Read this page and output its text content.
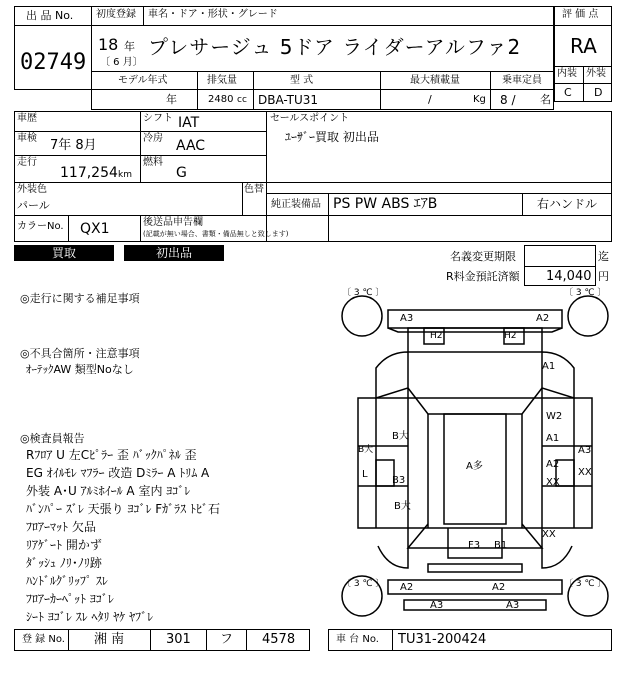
出 品 No.
02749
初度登録 車名・ドア・形状・グレード
18 年
〔 6 月〕
プレサージュ 5ドア ライダーアルファ2
評 価 点
RA
内装 外装
C D
モデル年式	排気量	型 式	最大積載量	乗車定員
年	2480 cc DBA-TU31	/	Kg 8 / 名
車歴	シフト IAT
車検 7年 8月	冷房 AAC
走行
117,254 km
燃料
G
外装色
パール
色替
カラーNo. QX1	後送品申告欄
(記載が無い場合、書類・備品無しと致します)
セールスポイント
ﾕｰｻﾞｰ買取 初出品
純正装備品 PS PW ABS ｴｱB	右ハンドル
買取	初出品	名義変更期限	迄
R料金預託済額 14,040 円
◎走行に関する補足事項
◎不具合箇所・注意事項
ｵｰﾃｯｸAW 類型Noなし
◎検査員報告
Rﾌﾛｱ U 左Cﾋﾟﾗｰ 歪 ﾊﾞｯｸﾊﾟﾈﾙ 歪
EG ｵｲﾙﾓﾚ ﾏﾌﾗｰ 改造 Dﾐﾗｰ A ﾄﾘﾑ A
外装 A･U ｱﾙﾐﾎｲｰﾙ A 室内 ﾖｺﾞﾚ
ﾊﾞﾝﾊﾟｰ ｽﾞﾚ 天張り ﾖｺﾞﾚ Fｶﾞﾗｽ ﾄﾋﾞ石
ﾌﾛｱｰﾏｯﾄ 欠品
ﾘｱｹﾞｰﾄ 開かず
ﾀﾞｯｼｭ ﾉﾘ･ﾉﾘ跡
ﾊﾝﾄﾞﾙｸﾞﾘｯﾌﾟ ｽﾚ
ﾌﾛｱｰｶｰﾍﾟｯﾄ ﾖｺﾞﾚ
ｼｰﾄ ﾖｺﾞﾚ ｽﾚ ﾍﾀﾘ ﾔｹ ﾔﾌﾞﾚ
〔 3 ℃ 〕	〔 3 ℃ 〕
〔 3 ℃ 〕	〔 3 ℃ 〕
A3	A2
H2	H2
A1
W2
A1
A2
XX
A3
XX
B大
B大
L
B3
B大
A多
F3 B1
XX
A2	A2
A3	A3
登 録 No. 湘 南	301 フ 4578	車 台 No. TU31-200424
